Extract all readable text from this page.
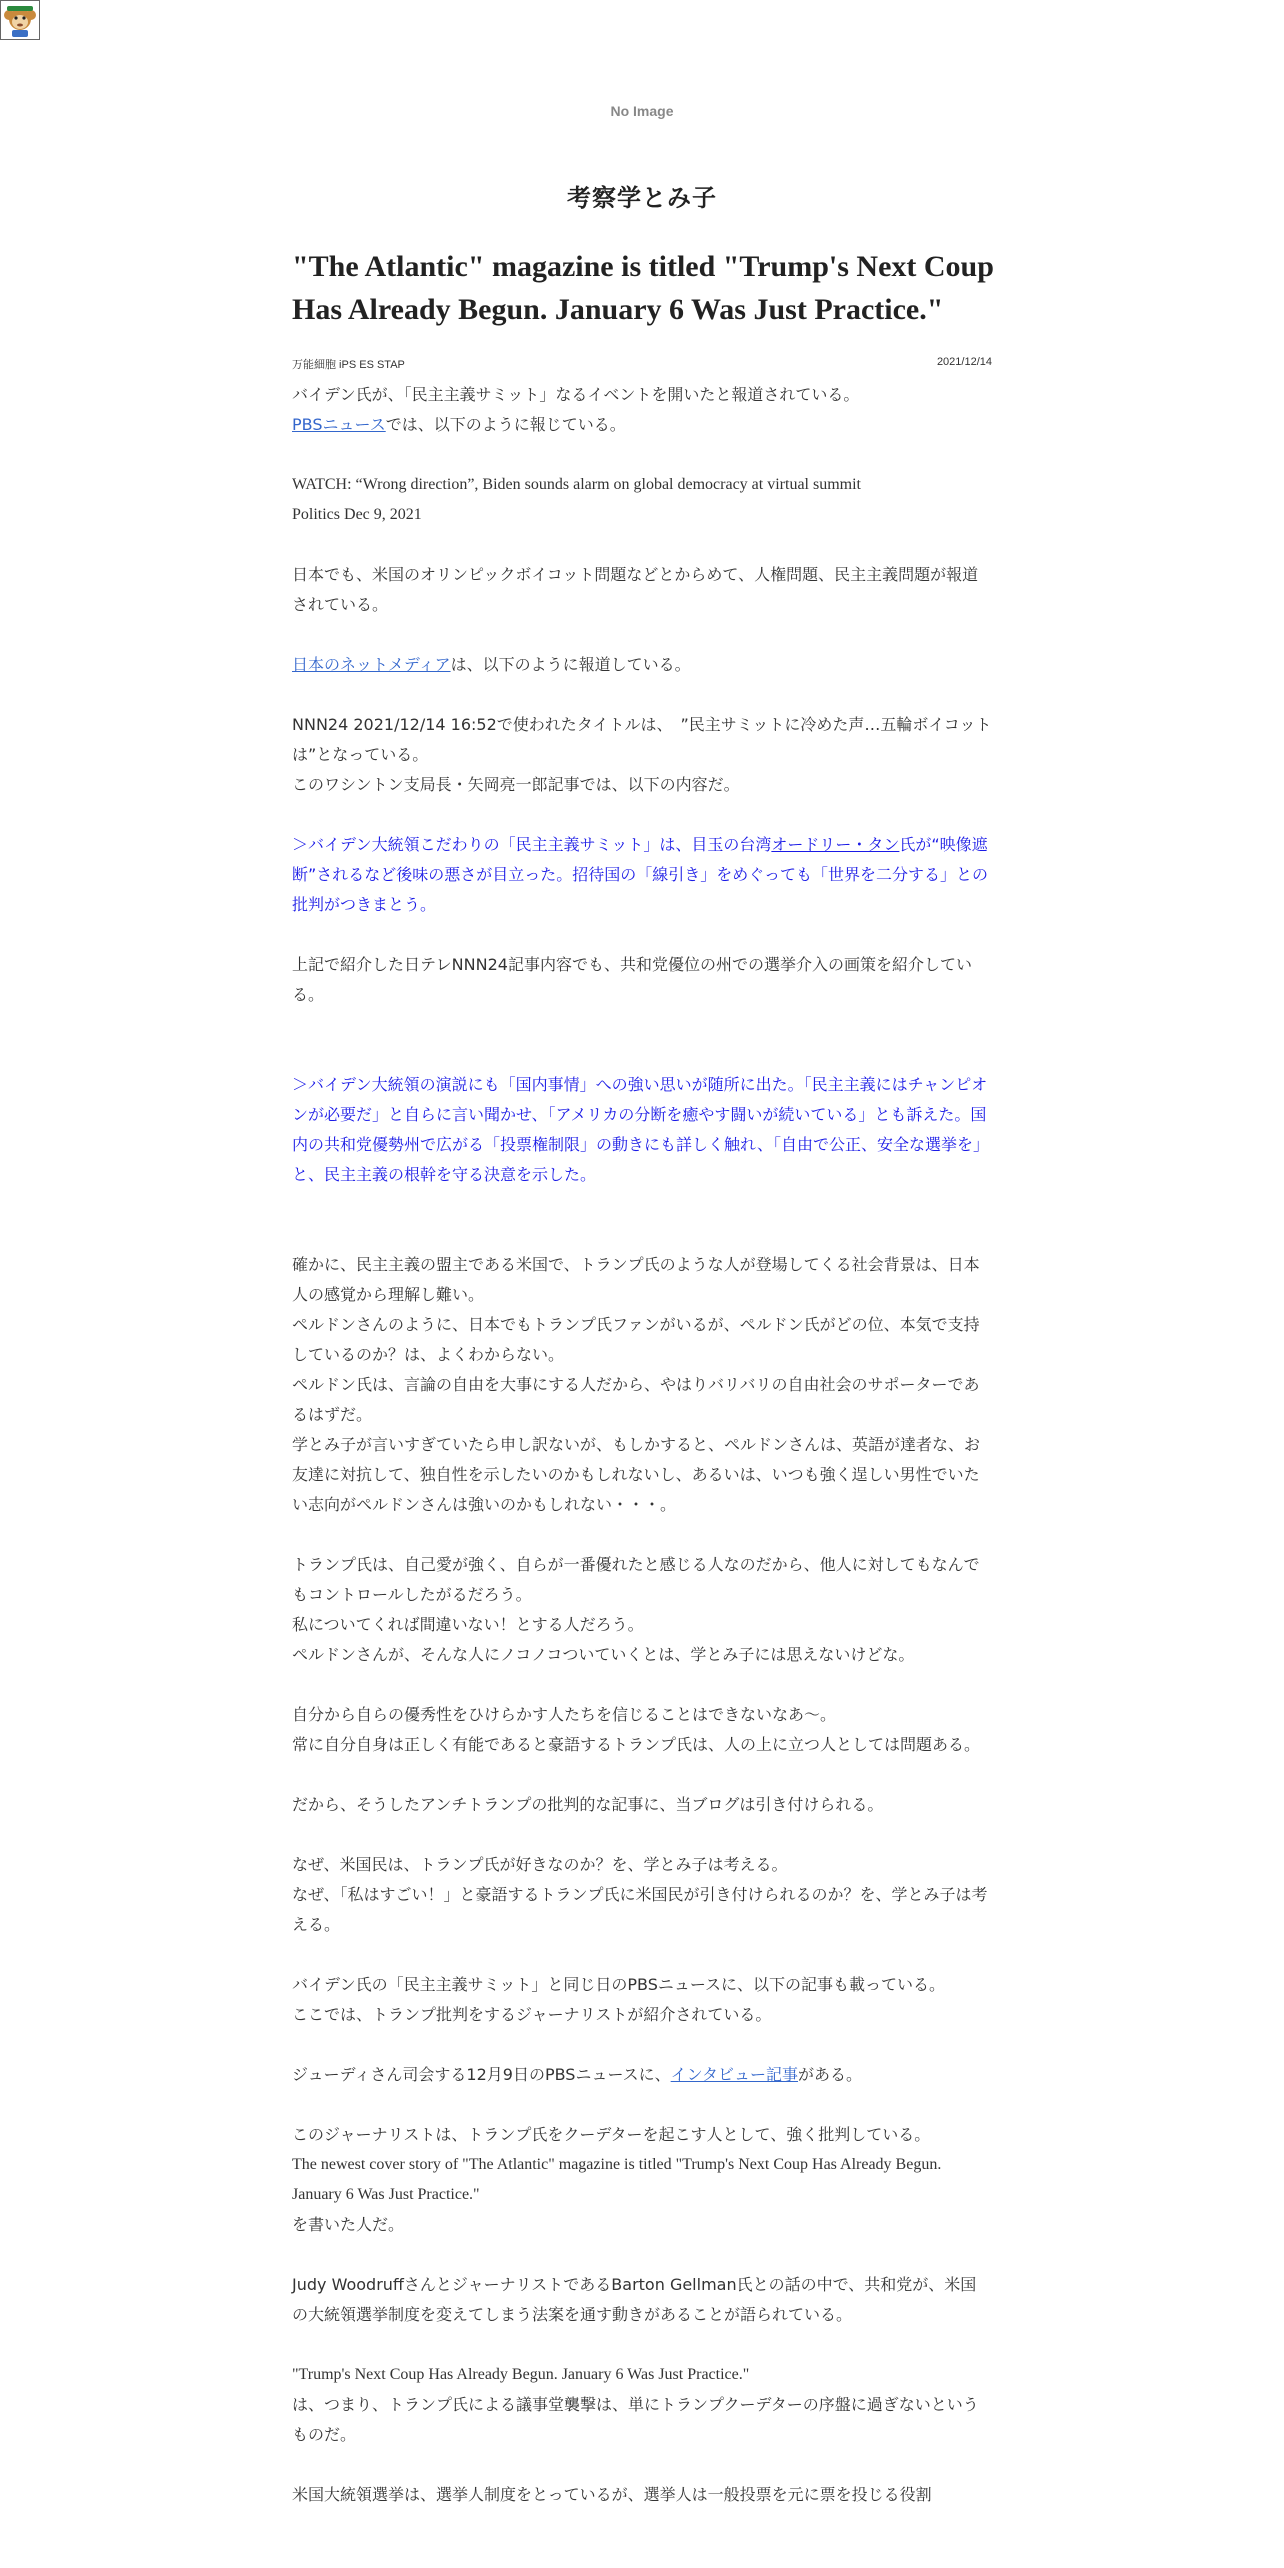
No Image
考察学とみ子
"The Atlantic" magazine is titled "Trump's Next Coup Has Already Begun. January 6 Was Just Practice."
万能細胞 iPS ES STAP	2021/12/14

バイデン氏が、「民主主義サミット」なるイベントを開いたと報道されている。

PBSニュースでは、以下のように報じている。

WATCH: “Wrong direction”, Biden sounds alarm on global democracy at virtual summit

Politics Dec 9, 2021

日本でも、米国のオリンピックボイコット問題などとからめて、人権問題、民主主義問題が報道されている。

日本のネットメディアは、以下のように報道している。

NNN24 2021/12/14 16:52で使われたタイトルは、　”民主サミットに冷めた声…五輪ボイコットは”となっている。

このワシントン支局長・矢岡亮一郎記事では、以下の内容だ。

＞バイデン大統領こだわりの「民主主義サミット」は、目玉の台湾オードリー・タン氏が“映像遮断”されるなど後味の悪さが目立った。招待国の「線引き」をめぐっても「世界を二分する」との批判がつきまとう。

上記で紹介した日テレNNN24記事内容でも、共和党優位の州での選挙介入の画策を紹介している。

＞バイデン大統領の演説にも「国内事情」への強い思いが随所に出た。「民主主義にはチャンピオンが必要だ」と自らに言い聞かせ、「アメリカの分断を癒やす闘いが続いている」とも訴えた。国内の共和党優勢州で広がる「投票権制限」の動きにも詳しく触れ、「自由で公正、安全な選挙を」と、民主主義の根幹を守る決意を示した。

確かに、民主主義の盟主である米国で、トランプ氏のような人が登場してくる社会背景は、日本人の感覚から理解し難い。

ペルドンさんのように、日本でもトランプ氏ファンがいるが、ペルドン氏がどの位、本気で支持しているのか？は、よくわからない。

ペルドン氏は、言論の自由を大事にする人だから、やはりバリバリの自由社会のサポーターであるはずだ。

学とみ子が言いすぎていたら申し訳ないが、もしかすると、ペルドンさんは、英語が達者な、お友達に対抗して、独自性を示したいのかもしれないし、あるいは、いつも強く逞しい男性でいたい志向がペルドンさんは強いのかもしれない・・・。

トランプ氏は、自己愛が強く、自らが一番優れたと感じる人なのだから、他人に対してもなんでもコントロールしたがるだろう。

私についてくれば間違いない！とする人だろう。

ペルドンさんが、そんな人にノコノコついていくとは、学とみ子には思えないけどな。

自分から自らの優秀性をひけらかす人たちを信じることはできないなあ～。

常に自分自身は正しく有能であると豪語するトランプ氏は、人の上に立つ人としては問題ある。

だから、そうしたアンチトランプの批判的な記事に、当ブログは引き付けられる。

なぜ、米国民は、トランプ氏が好きなのか？を、学とみ子は考える。

なぜ、「私はすごい！」と豪語するトランプ氏に米国民が引き付けられるのか？を、学とみ子は考える。

バイデン氏の「民主主義サミット」と同じ日のPBSニュースに、以下の記事も載っている。

ここでは、トランプ批判をするジャーナリストが紹介されている。

ジューディさん司会する12月9日のPBSニュースに、インタビュー記事がある。

このジャーナリストは、トランプ氏をクーデターを起こす人として、強く批判している。

The newest cover story of "The Atlantic" magazine is titled "Trump's Next Coup Has Already Begun. January 6 Was Just Practice."

を書いた人だ。

Judy Woodruffさんとジャーナリストである​Barton Gellman氏との話の中で、共和党が、米国の大統領選挙制度を変えてしまう法案を通す動きがあることが語られている。

"Trump's Next Coup Has Already Begun. January 6 Was Just Practice."

は、つまり、トランプ氏による議事堂襲撃は、単にトランプクーデターの序盤に過ぎないというものだ。

米国大統領選挙は、選挙人制度をとっているが、選挙人は一般投票を元に票を投じる役割
